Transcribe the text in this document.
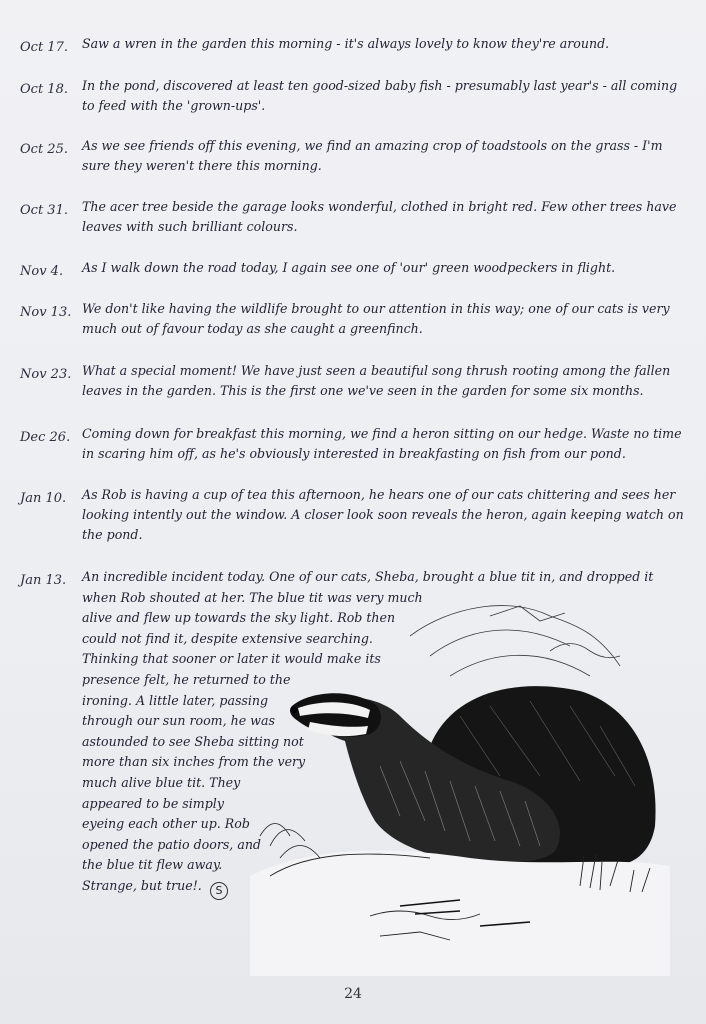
Oct 17. Saw a wren in the garden this morning - it's always lovely to know they're around.
Oct 18. In the pond, discovered at least ten good-sized baby fish - presumably last year's - all coming
to feed with the 'grown-ups'.
Oct 25. As we see friends off this evening, we find an amazing crop of toadstools on the grass - I'm
sure they weren't there this morning.
Oct 31. The acer tree beside the garage looks wonderful, clothed in bright red. Few other trees have
leaves with such brilliant colours.
Nov 4. As I walk down the road today, I again see one of 'our' green woodpeckers in flight.
Nov 13. We don't like having the wildlife brought to our attention in this way; one of our cats is very
much out of favour today as she caught a greenfinch.
Nov 23. What a special moment! We have just seen a beautiful song thrush rooting among the fallen
leaves in the garden. This is the first one we've seen in the garden for some six months.
Dec 26. Coming down for breakfast this morning, we find a heron sitting on our hedge. Waste no time
in scaring him off, as he's obviously interested in breakfasting on fish from our pond.
Jan 10. As Rob is having a cup of tea this afternoon, he hears one of our cats chittering and sees her
looking intently out the window. A closer look soon reveals the heron, again keeping watch on
the pond.
Jan 13. An incredible incident today. One of our cats, Sheba, brought a blue tit in, and dropped it
when Rob shouted at her. The blue tit was very much
alive and flew up towards the sky light. Rob then
could not find it, despite extensive searching.
Thinking that sooner or later it would make its
presence felt, he returned to the
ironing. A little later, passing
through our sun room, he was
astounded to see Sheba sitting not
more than six inches from the very
much alive blue tit. They
appeared to be simply
eyeing each other up. Rob
opened the patio doors, and
the blue tit flew away.
Strange, but true!.	S
24
